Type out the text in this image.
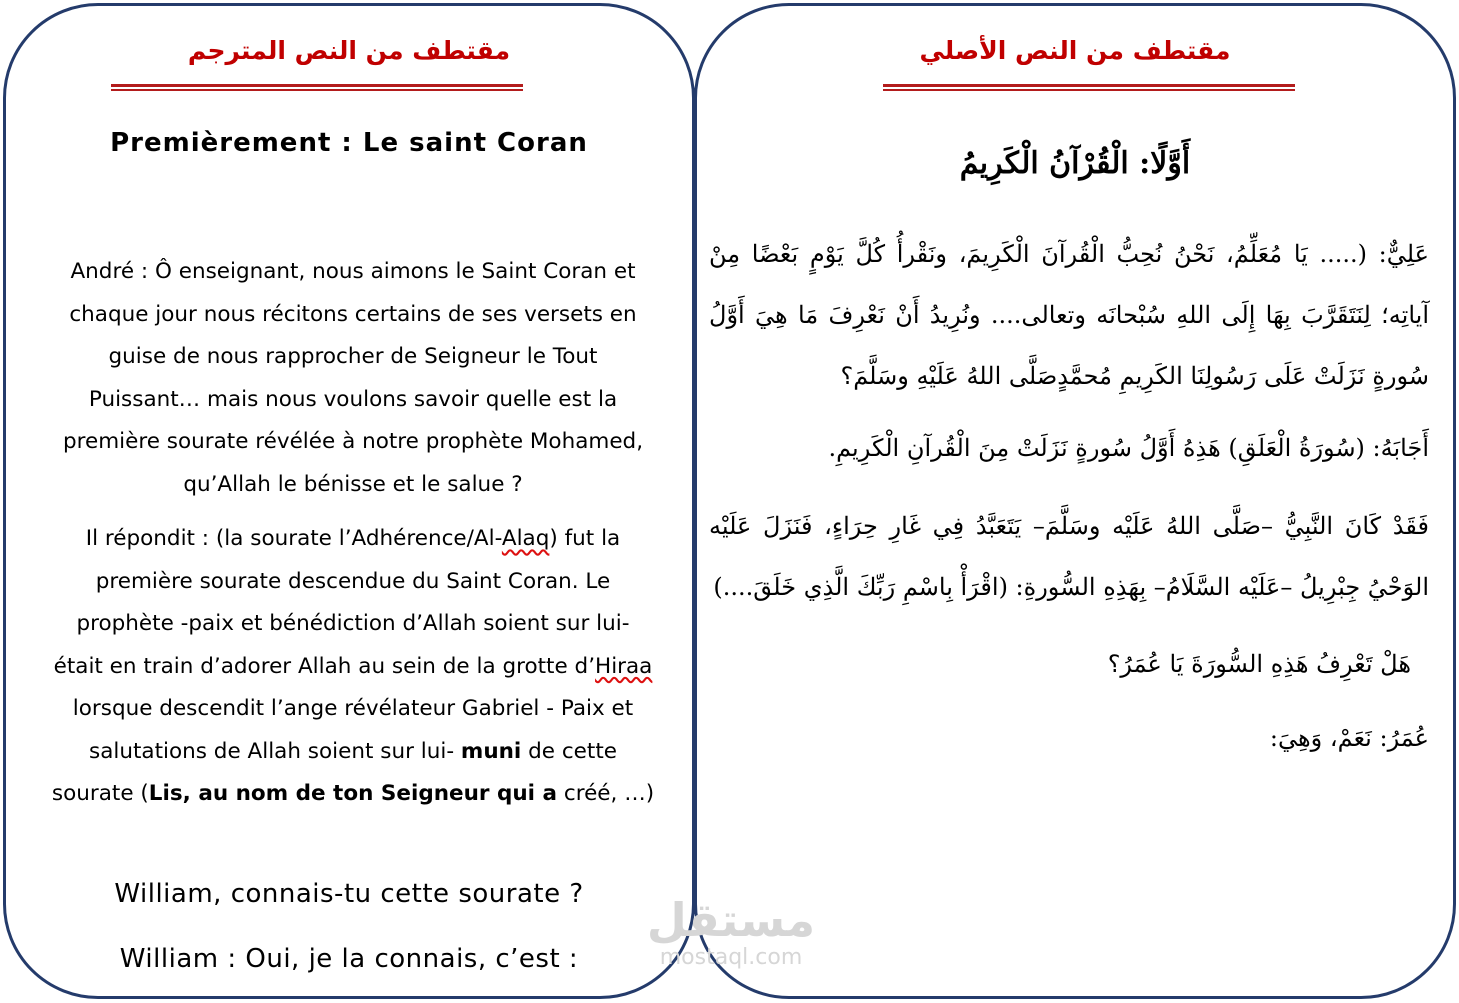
مقتطف من النص المترجم
Premièrement : Le saint Coran
André : Ô enseignant, nous aimons le Saint Coran et chaque jour nous récitons certains de ses versets en guise de nous rapprocher de Seigneur le Tout Puissant… mais nous voulons savoir quelle est la première sourate révélée à notre prophète Mohamed, qu’Allah le bénisse et le salue ?
Il répondit : (la sourate l’Adhérence/Al-Alaq) fut la première sourate descendue du Saint Coran. Le prophète -paix et bénédiction d’Allah soient sur lui- était en train d’adorer Allah au sein de la grotte d’Hiraa lorsque descendit l’ange révélateur Gabriel - Paix et salutations de Allah soient sur lui- muni de cette sourate (Lis, au nom de ton Seigneur qui a créé, …)
William, connais-tu cette sourate ?
William : Oui, je la connais, c’est :
مقتطف من النص الأصلي
أَوَّلًا: الْقُرْآنُ الْكَرِيمُ
عَلِيٌّ: (..... يَا مُعَلِّمُ، نَحْنُ نُحِبُّ الْقُرآنَ الْكَرِيمَ، ونَقْرأُ كُلَّ يَوْمٍ بَعْضًا مِنْ آياتِه؛ لِنَتَقَرَّبَ بِهَا إِلَى اللهِ سُبْحانَه وتعالى.... ونُرِيدُ أَنْ نَعْرِفَ مَا هِيَ أَوَّلُ سُورةٍ نَزَلَتْ عَلَى رَسُولِنَا الكَرِيمِ مُحمَّدٍصَلَّى اللهُ عَلَيْهِ وسَلَّمَ؟
أَجَابَهُ: (سُورَةُ الْعَلَقِ) هَذِهُ أَوَّلُ سُورةٍ نَزَلَتْ مِنَ الْقُرآنِ الْكَرِيمِ.
فَقَدْ كَانَ النَّبِيُّ –صَلَّى اللهُ عَلَيْه وسَلَّمَ– يَتَعَبَّدُ فِي غَارِ حِرَاءٍ، فَنَزَلَ عَلَيْه الوَحْيُ جِبْرِيلُ –عَلَيْه السَّلَامُ– بِهَذِهِ السُّورةِ: (اقْرَأْ بِاسْمِ رَبِّكَ الَّذِي خَلَقَ....)
هَلْ تَعْرِفُ هَذِهِ السُّورَةَ يَا عُمَرُ؟
عُمَرُ: نَعَمْ، وَهِيَ:
مستقل
mostaql.com
